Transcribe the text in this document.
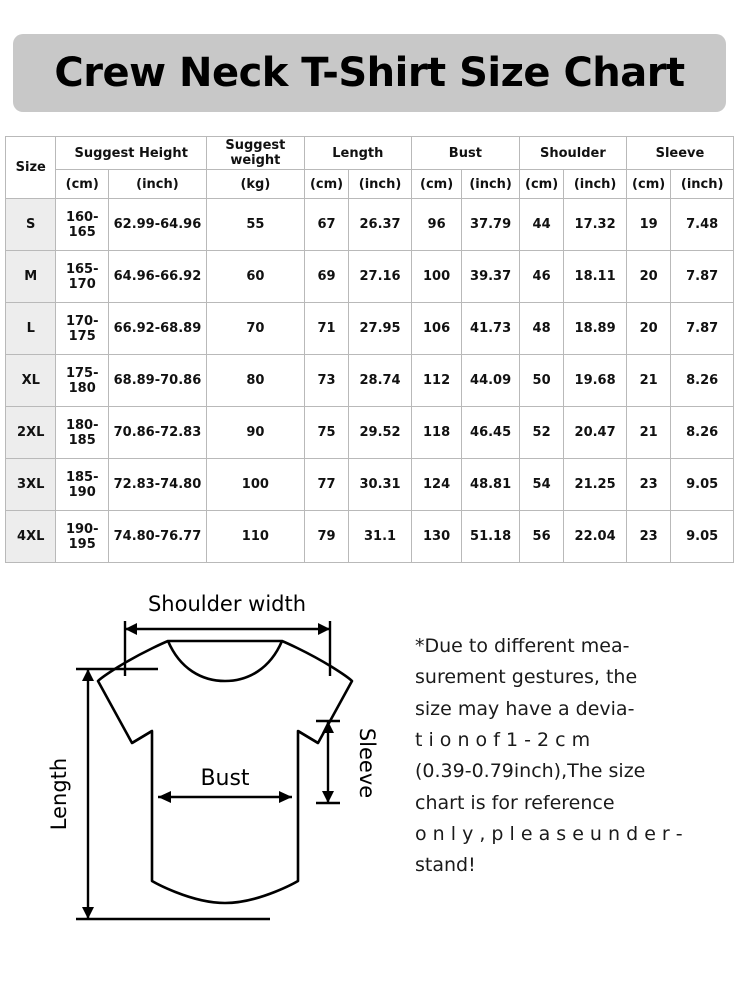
Crew Neck T-Shirt Size Chart
Size	Suggest Height		Suggest weight	Length		Bust		Shoulder		Sleeve	
	(cm)	(inch)	(kg)	(cm)	(inch)	(cm)	(inch)	(cm)	(inch)	(cm)	(inch)
S	160-165	62.99-64.96	55	67	26.37	96	37.79	44	17.32	19	7.48
M	165-170	64.96-66.92	60	69	27.16	100	39.37	46	18.11	20	7.87
L	170-175	66.92-68.89	70	71	27.95	106	41.73	48	18.89	20	7.87
XL	175-180	68.89-70.86	80	73	28.74	112	44.09	50	19.68	21	8.26
2XL	180-185	70.86-72.83	90	75	29.52	118	46.45	52	20.47	21	8.26
3XL	185-190	72.83-74.80	100	77	30.31	124	48.81	54	21.25	23	9.05
4XL	190-195	74.80-76.77	110	79	31.1	130	51.18	56	22.04	23	9.05
Shoulder width
Bust	Sleeve
Length

*Due to different mea-

surement gestures, the

size may have a devia-

t i o n o f 1 - 2 c m

(0.39-0.79inch),The size

chart is for reference

o n l y , p l e a s e u n d e r -

stand!
